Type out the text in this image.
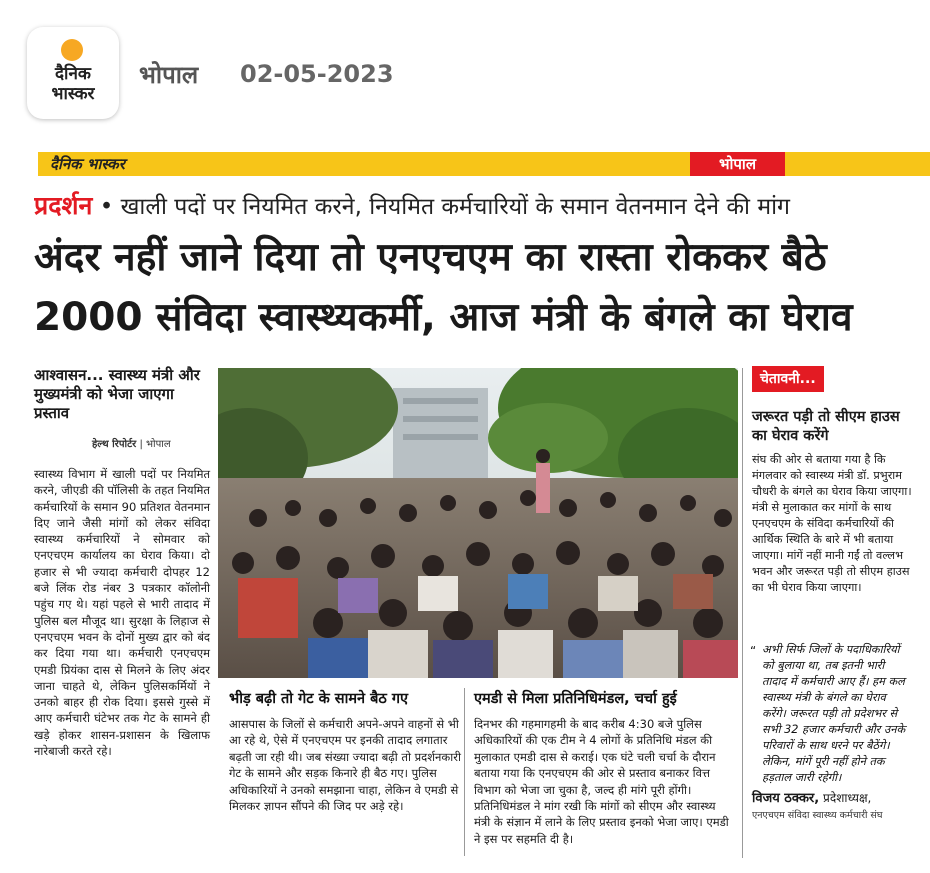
दैनिक
भास्कर
भोपाल 02-05-2023
दैनिक भास्कर	भोपाल
प्रदर्शन • खाली पदों पर नियमित करने, नियमित कर्मचारियों के समान वेतनमान देने की मांग
अंदर नहीं जाने दिया तो एनएचएम का रास्ता रोककर बैठे
2000 संविदा स्वास्थ्यकर्मी, आज मंत्री के बंगले का घेराव
आश्वासन... स्वास्थ्य मंत्री और मुख्यमंत्री को भेजा जाएगा प्रस्ताव
हेल्थ रिपोर्टर | भोपाल
स्वास्थ्य विभाग में खाली पदों पर नियमित करने, जीएडी की पॉलिसी के तहत नियमित कर्मचारियों के समान 90 प्रतिशत वेतनमान दिए जाने जैसी मांगों को लेकर संविदा स्वास्थ्य कर्मचारियों ने सोमवार को एनएचएम कार्यालय का घेराव किया। दो हजार से भी ज्यादा कर्मचारी दोपहर 12 बजे लिंक रोड नंबर 3 पत्रकार कॉलोनी पहुंच गए थे। यहां पहले से भारी तादाद में पुलिस बल मौजूद था। सुरक्षा के लिहाज से एनएचएम भवन के दोनों मुख्य द्वार को बंद कर दिया गया था। कर्मचारी एनएचएम एमडी प्रियंका दास से मिलने के लिए अंदर जाना चाहते थे, लेकिन पुलिसकर्मियों ने उनको बाहर ही रोक दिया। इससे गुस्से में आए कर्मचारी घंटेभर तक गेट के सामने ही खड़े होकर शासन-प्रशासन के खिलाफ नारेबाजी करते रहे।
भीड़ बढ़ी तो गेट के सामने बैठ गए
आसपास के जिलों से कर्मचारी अपने-अपने वाहनों से भी आ रहे थे, ऐसे में एनएचएम पर इनकी तादाद लगातार बढ़ती जा रही थी। जब संख्या ज्यादा बढ़ी तो प्रदर्शनकारी गेट के सामने और सड़क किनारे ही बैठ गए। पुलिस अधिकारियों ने उनको समझाना चाहा, लेकिन वे एमडी से मिलकर ज्ञापन सौंपने की जिद पर अड़े रहे।
एमडी से मिला प्रतिनिधिमंडल, चर्चा हुई
दिनभर की गहमागहमी के बाद करीब 4:30 बजे पुलिस अधिकारियों की एक टीम ने 4 लोगों के प्रतिनिधि मंडल की मुलाकात एमडी दास से कराई। एक घंटे चली चर्चा के दौरान बताया गया कि एनएचएम की ओर से प्रस्ताव बनाकर वित्त विभाग को भेजा जा चुका है, जल्द ही मांगे पूरी होंगी। प्रतिनिधिमंडल ने मांग रखी कि मांगों को सीएम और स्वास्थ्य मंत्री के संज्ञान में लाने के लिए प्रस्ताव इनको भेजा जाए। एमडी ने इस पर सहमति दी है।
चेतावनी...
जरूरत पड़ी तो सीएम हाउस का घेराव करेंगे
संघ की ओर से बताया गया है कि मंगलवार को स्वास्थ्य मंत्री डॉ. प्रभुराम चौधरी के बंगले का घेराव किया जाएगा। मंत्री से मुलाकात कर मांगों के साथ एनएचएम के संविदा कर्मचारियों की आर्थिक स्थिति के बारे में भी बताया जाएगा। मांगें नहीं मानी गईं तो वल्लभ भवन और जरूरत पड़ी तो सीएम हाउस का भी घेराव किया जाएगा।
“ अभी सिर्फ जिलों के पदाधिकारियों को बुलाया था, तब इतनी भारी तादाद में कर्मचारी आए हैं। हम कल स्वास्थ्य मंत्री के बंगले का घेराव करेंगे। जरूरत पड़ी तो प्रदेशभर से सभी 32 हजार कर्मचारी और उनके परिवारों के साथ धरने पर बैठेंगे। लेकिन, मांगें पूरी नहीं होने तक हड़ताल जारी रहेगी।
विजय ठक्कर, प्रदेशाध्यक्ष,
एनएचएम संविदा स्वास्थ्य कर्मचारी संघ
